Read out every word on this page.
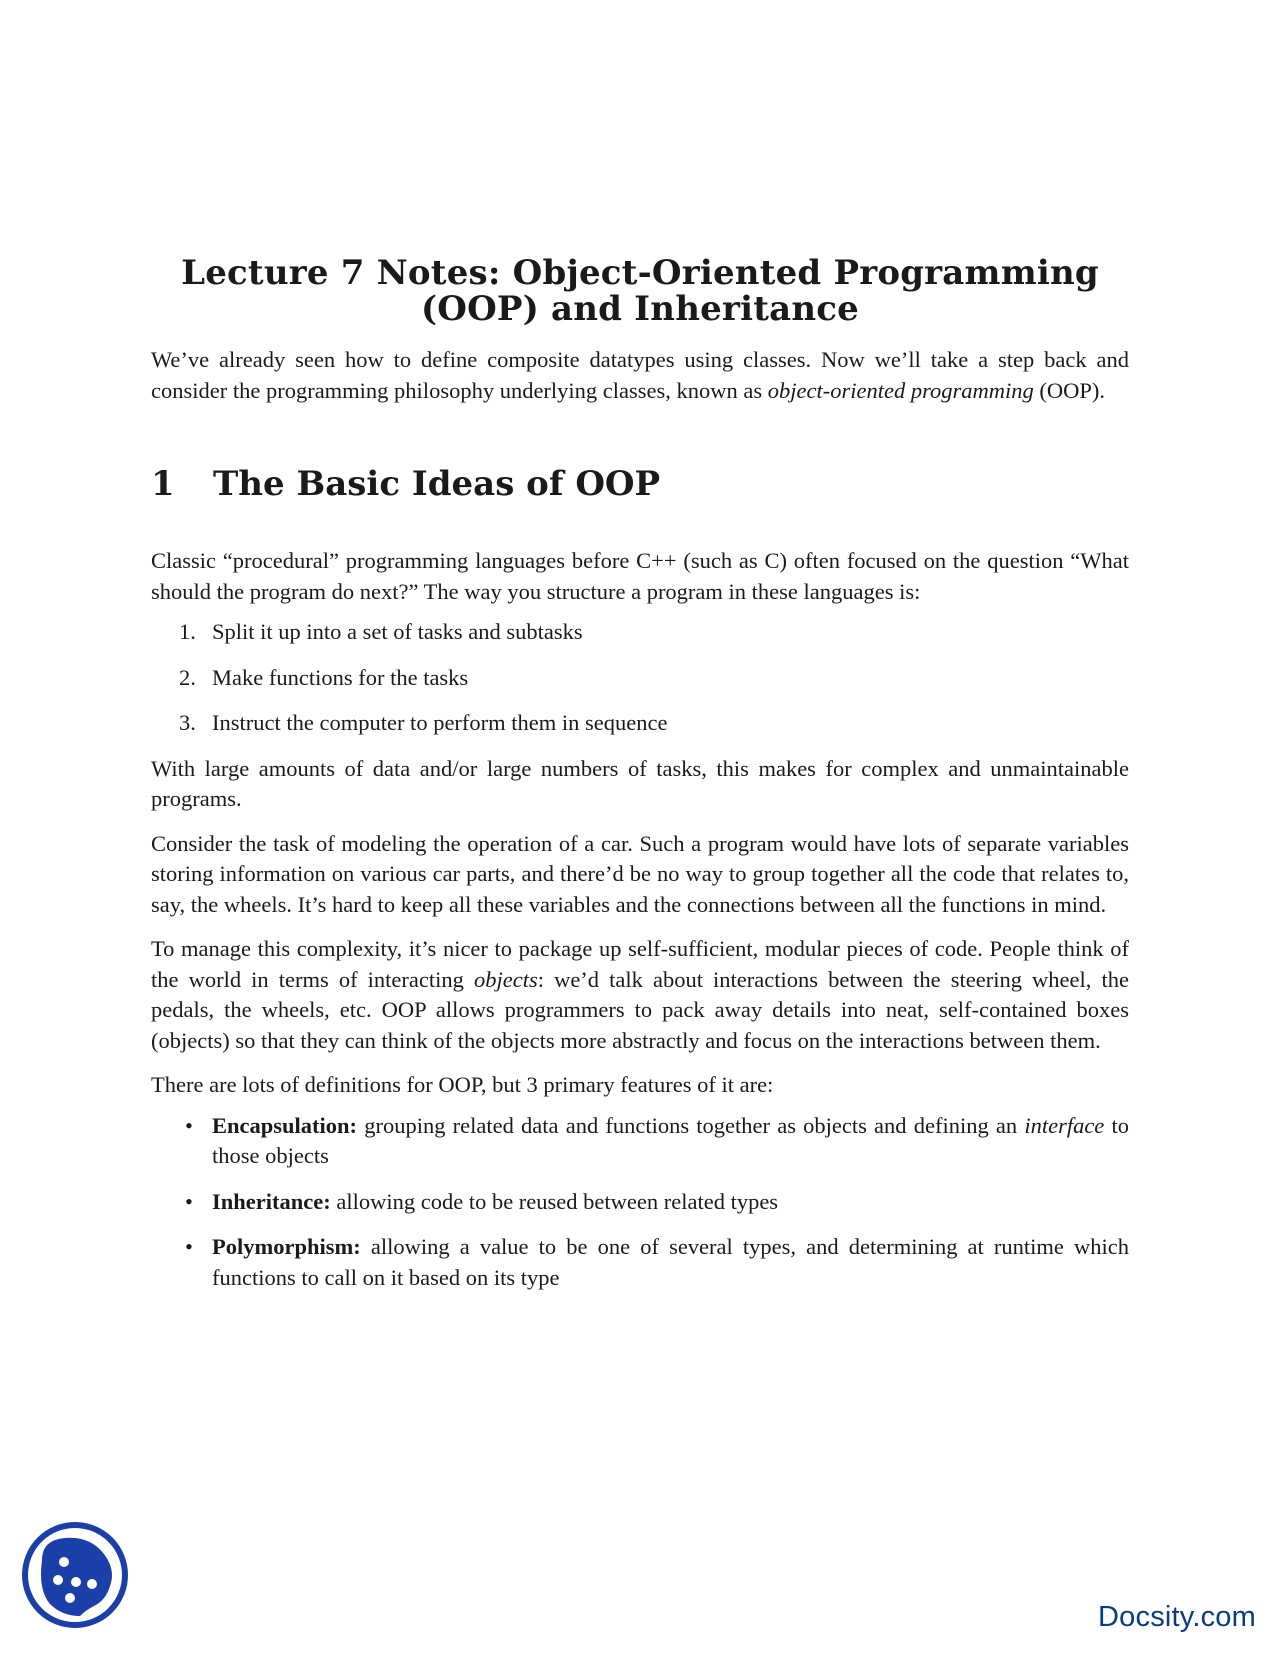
Lecture 7 Notes: Object-Oriented Programming
(OOP) and Inheritance

We’ve already seen how to define composite datatypes using classes. Now we’ll take a step back and consider the programming philosophy underlying classes, known as object-oriented programming (OOP).

1 The Basic Ideas of OOP

Classic “procedural” programming languages before C++ (such as C) often focused on the question “What should the program do next?” The way you structure a program in these languages is:

1. Split it up into a set of tasks and subtasks
2. Make functions for the tasks
3. Instruct the computer to perform them in sequence

With large amounts of data and/or large numbers of tasks, this makes for complex and unmaintainable programs.

Consider the task of modeling the operation of a car. Such a program would have lots of separate variables storing information on various car parts, and there’d be no way to group together all the code that relates to, say, the wheels. It’s hard to keep all these variables and the connections between all the functions in mind.

To manage this complexity, it’s nicer to package up self-sufficient, modular pieces of code. People think of the world in terms of interacting objects: we’d talk about interactions between the steering wheel, the pedals, the wheels, etc. OOP allows programmers to pack away details into neat, self-contained boxes (objects) so that they can think of the objects more abstractly and focus on the interactions between them.

There are lots of definitions for OOP, but 3 primary features of it are:

• Encapsulation: grouping related data and functions together as objects and defining an interface to those objects
• Inheritance: allowing code to be reused between related types
• Polymorphism: allowing a value to be one of several types, and determining at runtime which functions to call on it based on its type
Docsity.com
